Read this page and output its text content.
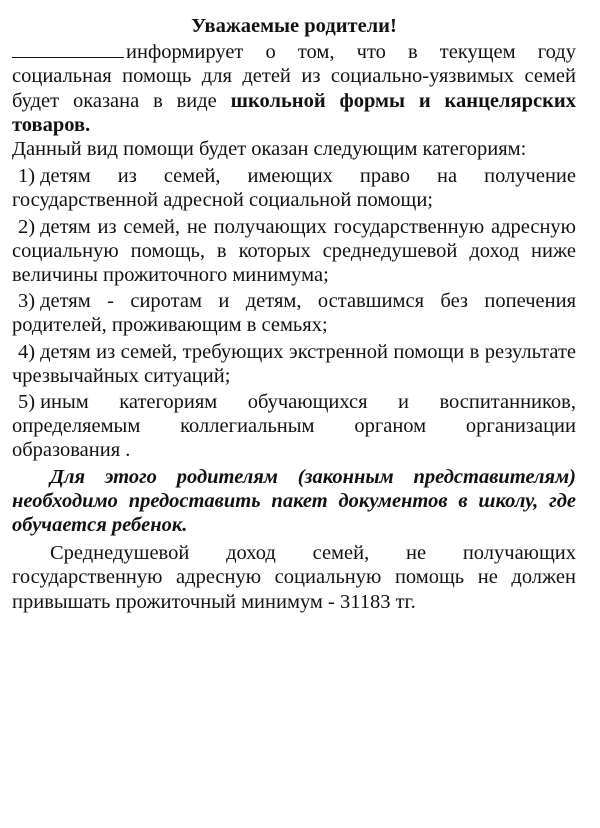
Уважаемые родители!

информирует о том, что в текущем году социальная помощь для детей из социально-уязвимых семей будет оказана в виде школьной формы и канцелярских товаров.

Данный вид помощи будет оказан следующим категориям:

1) детям из семей, имеющих право на получение государственной адресной социальной помощи;
2) детям из семей, не получающих государственную адресную социальную помощь, в которых среднедушевой доход ниже величины прожиточного минимума;
3) детям - сиротам и детям, оставшимся без попечения родителей, проживающим в семьях;
4) детям из семей, требующих экстренной помощи в результате чрезвычайных ситуаций;
5) иным категориям обучающихся и воспитанников, определяемым коллегиальным органом организации образования .

Для этого родителям (законным представителям) необходимо предоставить пакет документов в школу, где обучается ребенок.

Среднедушевой доход семей, не получающих государственную адресную социальную помощь не должен привышать прожиточный минимум - 31183 тг.
